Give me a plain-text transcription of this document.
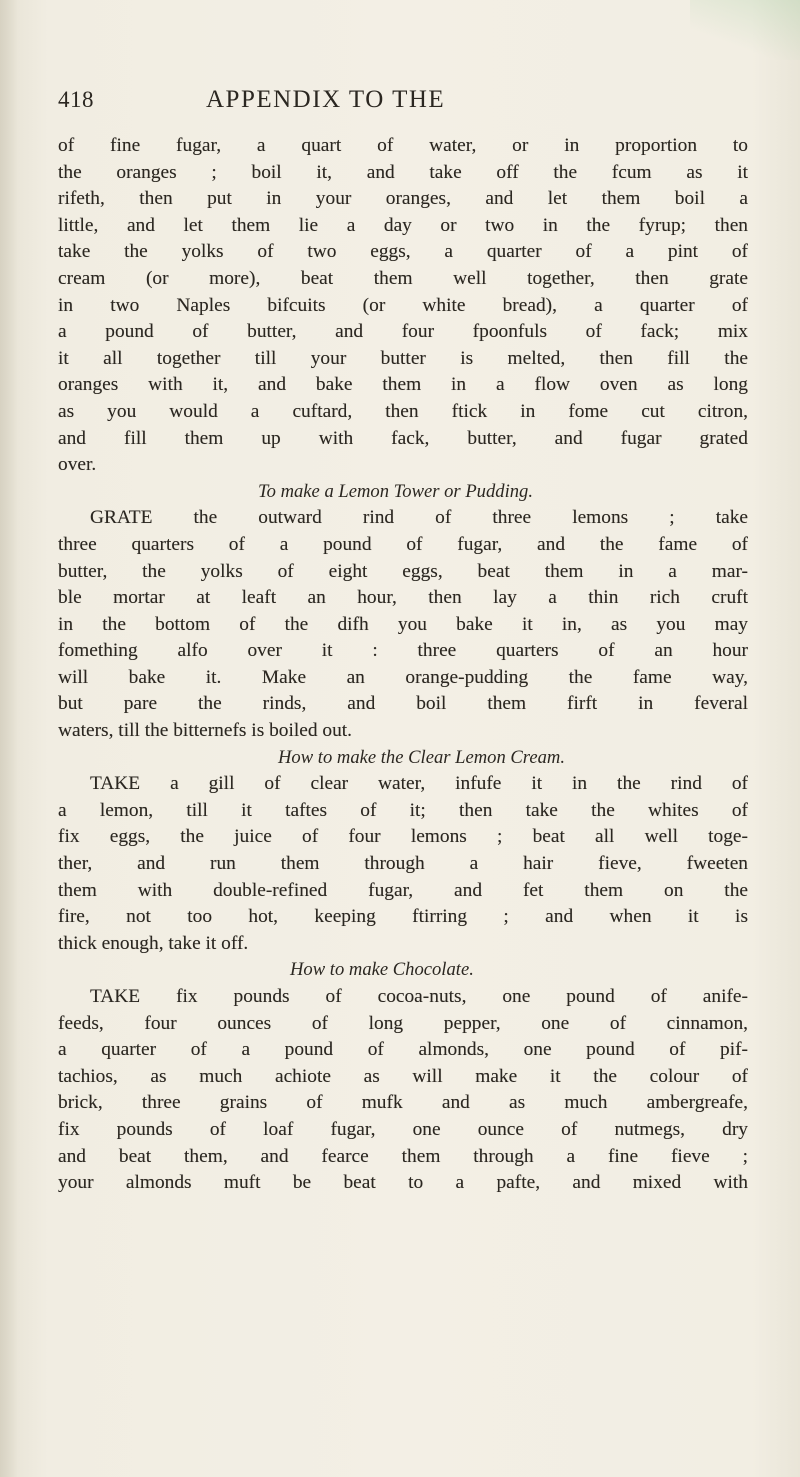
418	APPENDIX TO THE
of fine fugar, a quart of water, or in proportion to
the oranges ; boil it, and take off the fcum as it
rifeth, then put in your oranges, and let them boil a
little, and let them lie a day or two in the fyrup; then
take the yolks of two eggs, a quarter of a pint of
cream (or more), beat them well together, then grate
in two Naples bifcuits (or white bread), a quarter of
a pound of butter, and four fpoonfuls of fack; mix
it all together till your butter is melted, then fill the
oranges with it, and bake them in a flow oven as long
as you would a cuftard, then ftick in fome cut citron,
and fill them up with fack, butter, and fugar grated
over.
To make a Lemon Tower or Pudding.
GRATE the outward rind of three lemons ; take
three quarters of a pound of fugar, and the fame of
butter, the yolks of eight eggs, beat them in a mar-
ble mortar at leaft an hour, then lay a thin rich cruft
in the bottom of the difh you bake it in, as you may
fomething alfo over it : three quarters of an hour
will bake it. Make an orange-pudding the fame way,
but pare the rinds, and boil them firft in feveral
waters, till the bitternefs is boiled out.
How to make the Clear Lemon Cream.
TAKE a gill of clear water, infufe it in the rind of
a lemon, till it taftes of it; then take the whites of
fix eggs, the juice of four lemons ; beat all well toge-
ther, and run them through a hair fieve, fweeten
them with double-refined fugar, and fet them on the
fire, not too hot, keeping ftirring ; and when it is
thick enough, take it off.
How to make Chocolate.
TAKE fix pounds of cocoa-nuts, one pound of anife-
feeds, four ounces of long pepper, one of cinnamon,
a quarter of a pound of almonds, one pound of pif-
tachios, as much achiote as will make it the colour of
brick, three grains of mufk and as much ambergreafe,
fix pounds of loaf fugar, one ounce of nutmegs, dry
and beat them, and fearce them through a fine fieve ;
your almonds muft be beat to a pafte, and mixed with
